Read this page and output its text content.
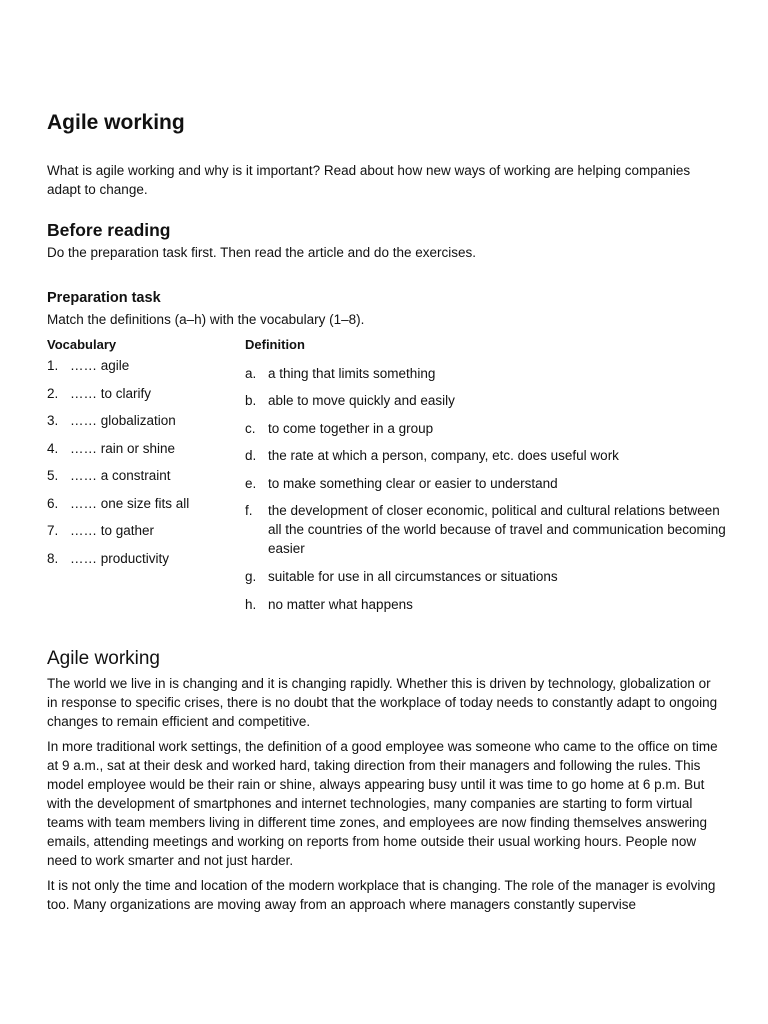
Agile working

What is agile working and why is it important? Read about how new ways of working are helping companies adapt to change.

Before reading

Do the preparation task first. Then read the article and do the exercises.

Preparation task

Match the definitions (a–h) with the vocabulary (1–8).

Vocabulary	Definition

1. …… agile
2. …… to clarify
3. …… globalization
4. …… rain or shine
5. …… a constraint
6. …… one size fits all
7. …… to gather
8. …… productivity
a. a thing that limits something
b. able to move quickly and easily
c. to come together in a group
d. the rate at which a person, company, etc. does useful work
e. to make something clear or easier to understand
f. the development of closer economic, political and cultural relations between all the countries of the world because of travel and communication becoming easier
g. suitable for use in all circumstances or situations
h. no matter what happens
Agile working

The world we live in is changing and it is changing rapidly. Whether this is driven by technology, globalization or in response to specific crises, there is no doubt that the workplace of today needs to constantly adapt to ongoing changes to remain efficient and competitive.

In more traditional work settings, the definition of a good employee was someone who came to the office on time at 9 a.m., sat at their desk and worked hard, taking direction from their managers and following the rules. This model employee would be their rain or shine, always appearing busy until it was time to go home at 6 p.m. But with the development of smartphones and internet technologies, many companies are starting to form virtual teams with team members living in different time zones, and employees are now finding themselves answering emails, attending meetings and working on reports from home outside their usual working hours. People now need to work smarter and not just harder.

It is not only the time and location of the modern workplace that is changing. The role of the manager is evolving too. Many organizations are moving away from an approach where managers constantly supervise
